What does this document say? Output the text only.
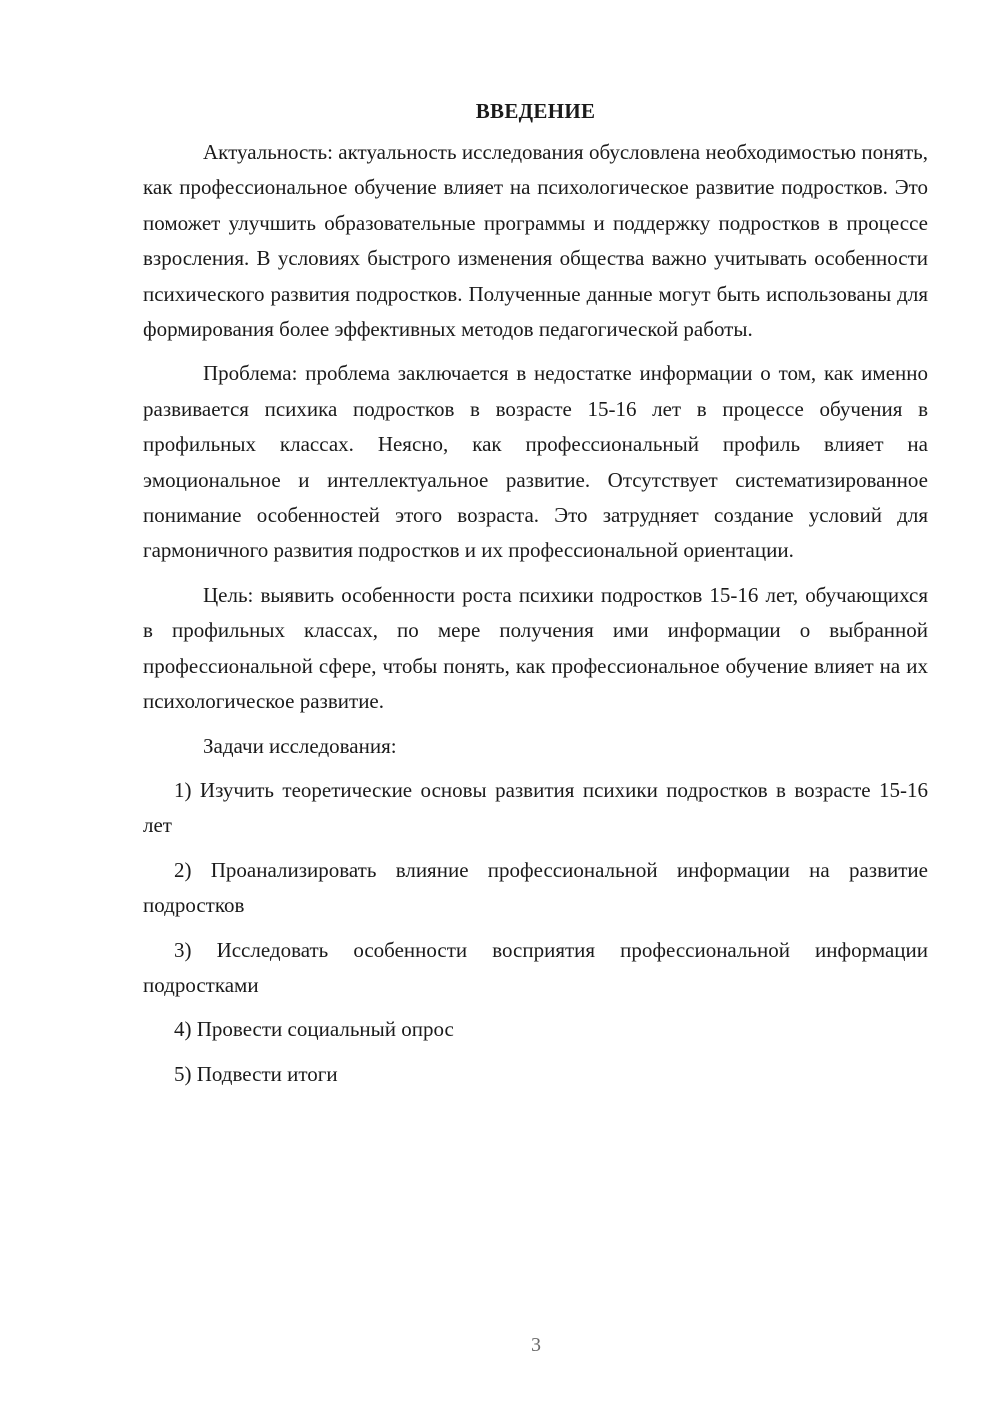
ВВЕДЕНИЕ

Актуальность: актуальность исследования обусловлена необходимостью понять, как профессиональное обучение влияет на психологическое развитие подростков. Это поможет улучшить образовательные программы и поддержку подростков в процессе взросления. В условиях быстрого изменения общества важно учитывать особенности психического развития подростков. Полученные данные могут быть использованы для формирования более эффективных методов педагогической работы.

Проблема: проблема заключается в недостатке информации о том, как именно развивается психика подростков в возрасте 15-16 лет в процессе обучения в профильных классах. Неясно, как профессиональный профиль влияет на эмоциональное и интеллектуальное развитие. Отсутствует систематизированное понимание особенностей этого возраста. Это затрудняет создание условий для гармоничного развития подростков и их профессиональной ориентации.

Цель: выявить особенности роста психики подростков 15-16 лет, обучающихся в профильных классах, по мере получения ими информации о выбранной профессиональной сфере, чтобы понять, как профессиональное обучение влияет на их психологическое развитие.

Задачи исследования:

1) Изучить теоретические основы развития психики подростков в возрасте 15-16 лет

2) Проанализировать влияние профессиональной информации на развитие подростков

3) Исследовать особенности восприятия профессиональной информации подростками

4) Провести социальный опрос

5) Подвести итоги

3
